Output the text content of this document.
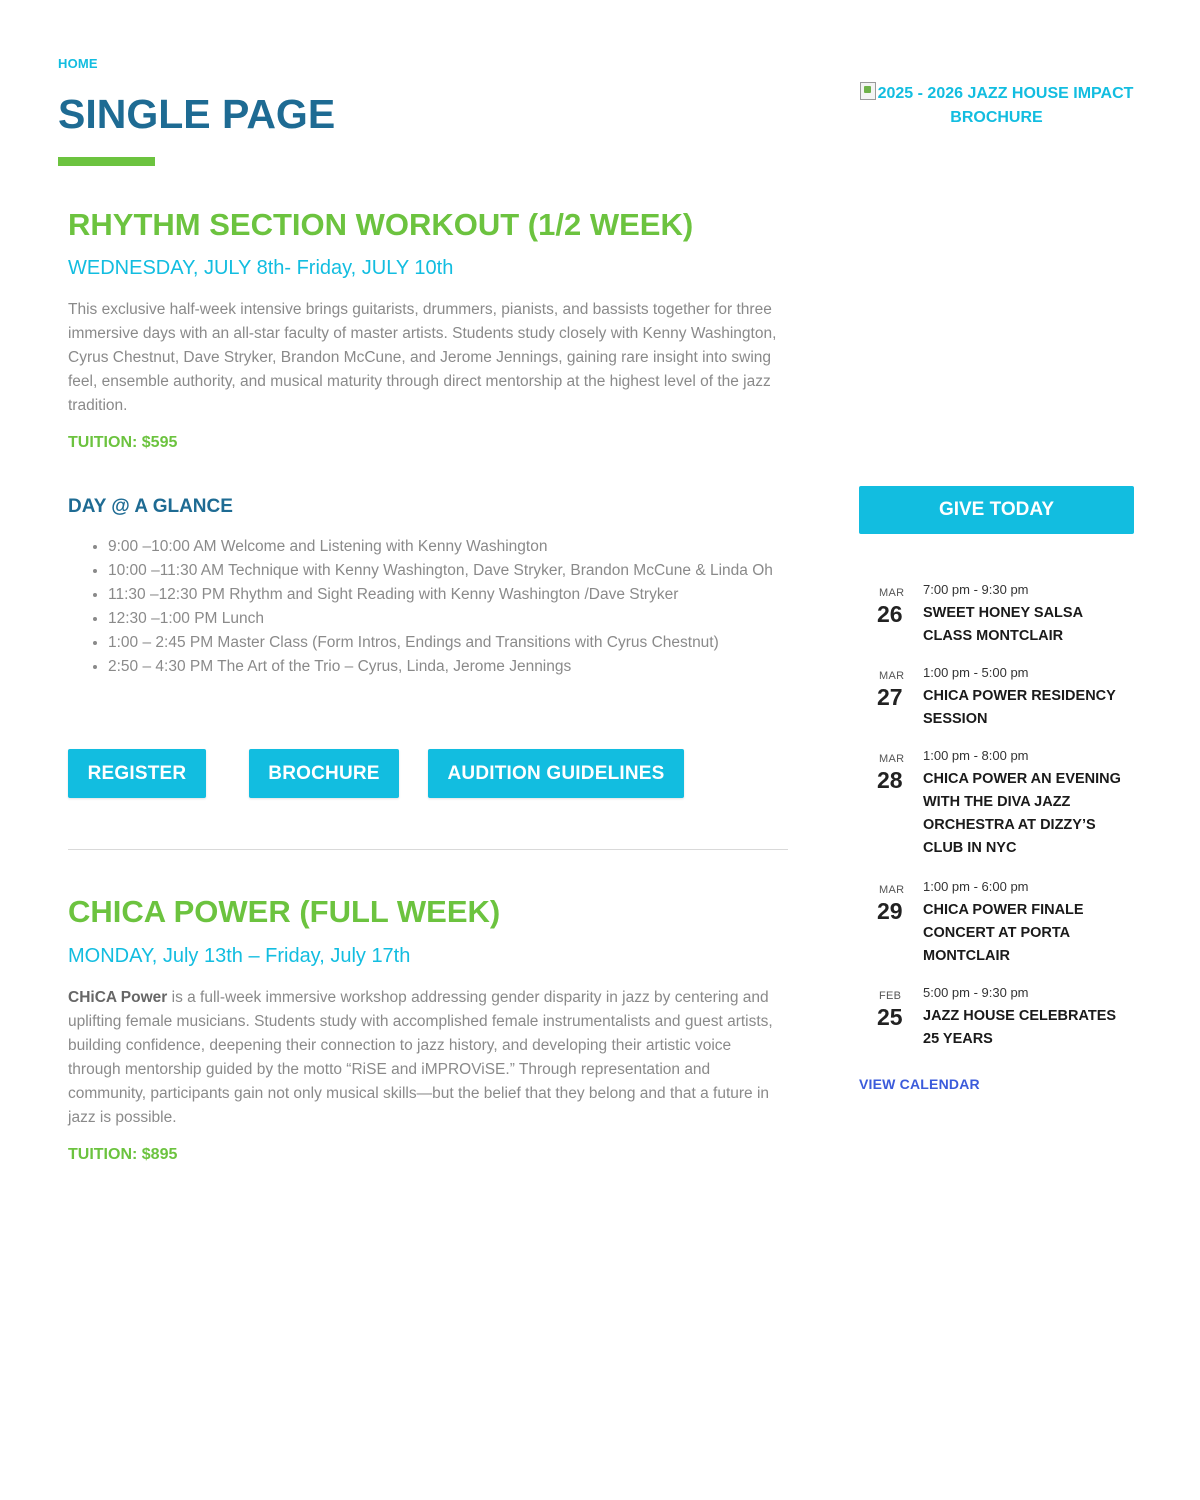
HOME
SINGLE PAGE
RHYTHM SECTION WORKOUT (1/2 WEEK)
WEDNESDAY, JULY 8th- Friday, JULY 10th

This exclusive half-week intensive brings guitarists, drummers, pianists, and bassists together for three immersive days with an all-star faculty of master artists. Students study closely with Kenny Washington, Cyrus Chestnut, Dave Stryker, Brandon McCune, and Jerome Jennings, gaining rare insight into swing feel, ensemble authority, and musical maturity through direct mentorship at the highest level of the jazz tradition.

TUITION: $595
DAY @ A GLANCE
• 9:00 –10:00 AM Welcome and Listening with Kenny Washington
• 10:00 –11:30 AM Technique with Kenny Washington, Dave Stryker, Brandon McCune & Linda Oh
• 11:30 –12:30 PM Rhythm and Sight Reading with Kenny Washington /Dave Stryker
• 12:30 –1:00 PM Lunch
• 1:00 – 2:45 PM Master Class (Form Intros, Endings and Transitions with Cyrus Chestnut)
• 2:50 – 4:30 PM The Art of the Trio – Cyrus, Linda, Jerome Jennings
REGISTER	BROCHURE	AUDITION GUIDELINES
CHICA POWER (FULL WEEK)
MONDAY, July 13th – Friday, July 17th

CHiCA Power is a full-week immersive workshop addressing gender disparity in jazz by centering and uplifting female musicians. Students study with accomplished female instrumentalists and guest artists, building confidence, deepening their connection to jazz history, and developing their artistic voice through mentorship guided by the motto “RiSE and iMPROViSE.” Through representation and community, participants gain not only musical skills—but the belief that they belong and that a future in jazz is possible.

TUITION: $895
2025 - 2026 JAZZ HOUSE IMPACT BROCHURE
GIVE TODAY
MAR
26
7:00 pm - 9:30 pm
SWEET HONEY SALSA CLASS MONTCLAIR
MAR
27
1:00 pm - 5:00 pm
CHICA POWER RESIDENCY SESSION
MAR
28
1:00 pm - 8:00 pm
CHICA POWER AN EVENING WITH THE DIVA JAZZ ORCHESTRA AT DIZZY’S CLUB IN NYC
MAR
29
1:00 pm - 6:00 pm
CHICA POWER FINALE CONCERT AT PORTA MONTCLAIR
FEB
25
5:00 pm - 9:30 pm
JAZZ HOUSE CELEBRATES 25 YEARS
VIEW CALENDAR
